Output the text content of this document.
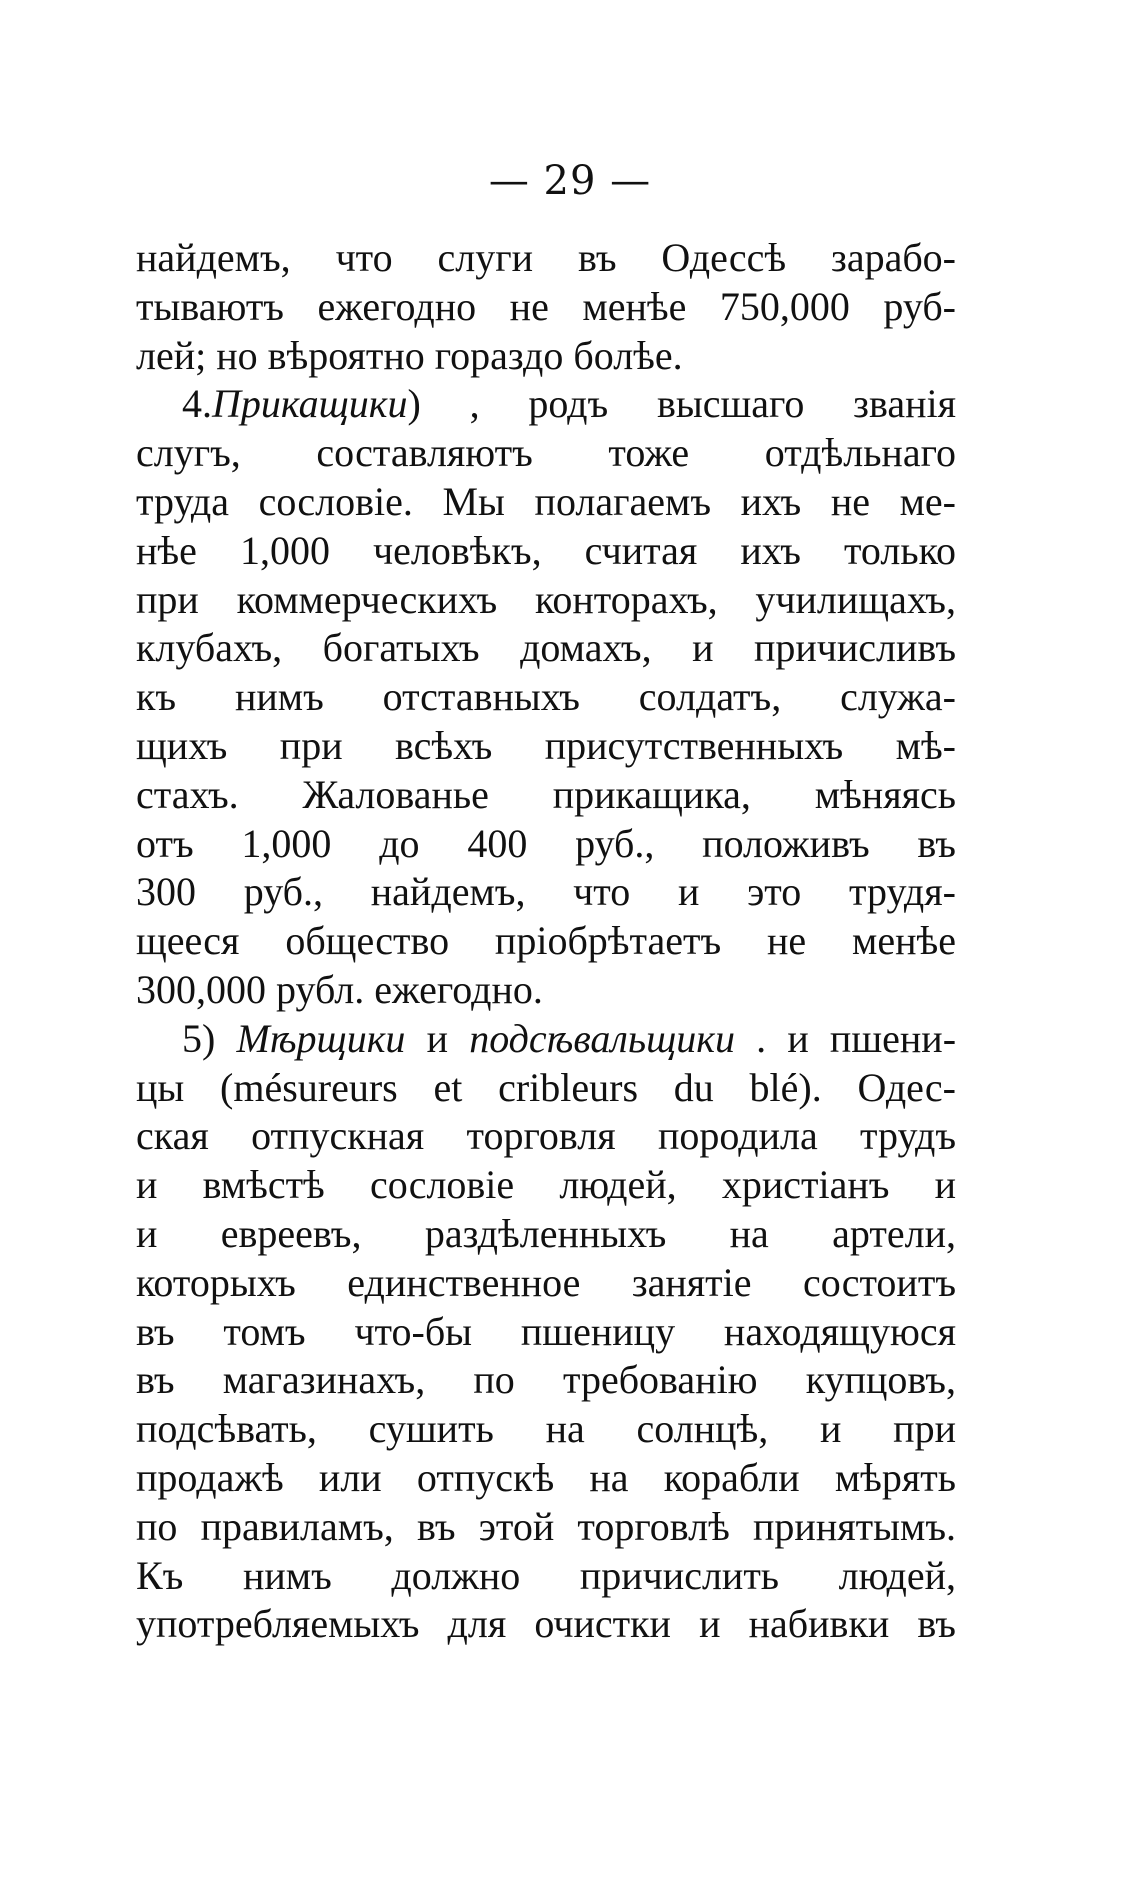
— 29 —
найдемъ, что слуги въ Одессѣ зарабо-
тываютъ ежегодно не менѣе 750,000 руб-
лей; но вѣроятно гораздо болѣе.
4.Прикащики) , родъ высшаго званія
слугъ, составляютъ тоже отдѣльнаго
труда сословіе. Мы полагаемъ ихъ не ме-
нѣе 1,000 человѣкъ, считая ихъ только
при коммерческихъ конторахъ, училищахъ,
клубахъ, богатыхъ домахъ, и причисливъ
къ нимъ отставныхъ солдатъ, служа-
щихъ при всѣхъ присутственныхъ мѣ-
стахъ. Жалованье прикащика, мѣняясь
отъ 1,000 до 400 руб., положивъ въ
300 руб., найдемъ, что и это трудя-
щееся общество пріобрѣтаетъ не менѣе
300,000 рубл. ежегодно.
5) Мѣрщики и подсѣвальщики . и пшени-
цы (mésureurs et cribleurs du blé). Одес-
ская отпускная торговля породила трудъ
и вмѣстѣ сословіе людей, христіанъ и
и евреевъ, раздѣленныхъ на артели,
которыхъ единственное занятіе состоитъ
въ томъ что-бы пшеницу находящуюся
въ магазинахъ, по требованію купцовъ,
подсѣвать, сушить на солнцѣ, и при
продажѣ или отпускѣ на корабли мѣрять
по правиламъ, въ этой торговлѣ принятымъ.
Къ нимъ должно причислить людей,
употребляемыхъ для очистки и набивки въ
